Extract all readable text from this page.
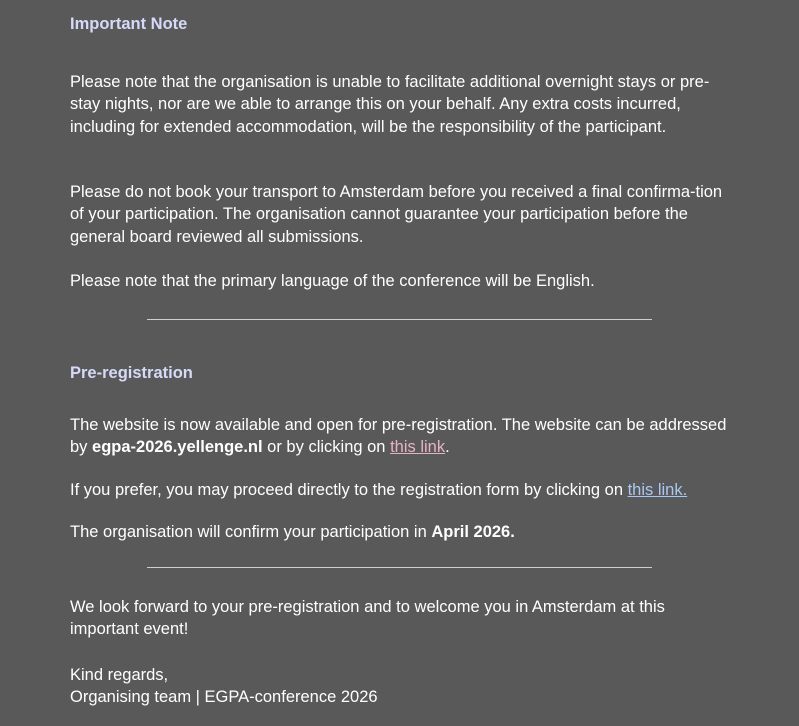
Important Note

Please note that the organisation is unable to facilitate additional overnight stays or pre-stay nights, nor are we able to arrange this on your behalf. Any extra costs incurred, including for extended accommodation, will be the responsibility of the participant.

Please do not book your transport to Amsterdam before you received a final confirma-tion of your participation. The organisation cannot guarantee your participation before the general board reviewed all submissions.

Please note that the primary language of the conference will be English.

Pre-registration

The website is now available and open for pre-registration. The website can be addressed by egpa-2026.yellenge.nl or by clicking on this link.

If you prefer, you may proceed directly to the registration form by clicking on this link.

The organisation will confirm your participation in April 2026.

We look forward to your pre-registration and to welcome you in Amsterdam at this important event!

Kind regards,

Organising team | EGPA-conference 2026
